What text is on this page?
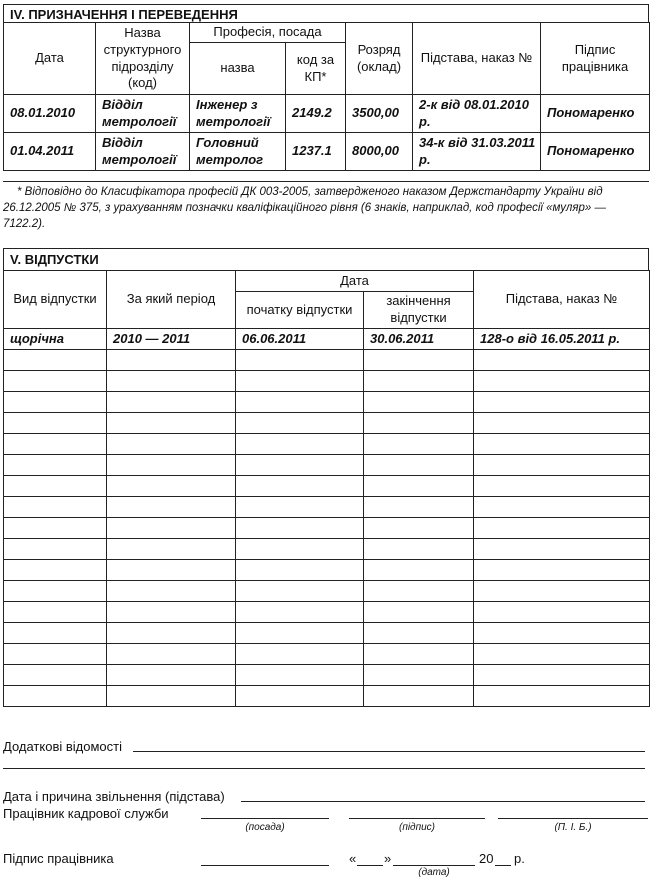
IV. ПРИЗНАЧЕННЯ І ПЕРЕВЕДЕННЯ
Дата	Назва структурного підрозділу (код)	Професія, посада		Розряд (оклад)	Підстава, наказ №	Підпис працівника
		назва	код за КП*			
08.01.2010	Відділ метрології	Інженер з метрології	2149.2	3500,00	2-к від 08.01.2010 р.	Пономаренко
01.04.2011	Відділ метрології	Головний метролог	1237.1	8000,00	34-к від 31.03.2011 р.	Пономаренко
* Відповідно до Класифікатора професій ДК 003-2005, затвердженого наказом Держстандарту України від 26.12.2005 № 375, з урахуванням позначки кваліфікаційного рівня (6 знаків, наприклад, код професії «муляр» — 7122.2).
V. ВІДПУСТКИ
Вид відпустки	За який період	Дата		Підстава, наказ №
		початку відпустки	закінчення відпустки	
щорічна	2010 — 2011	06.06.2011	30.06.2011	128-о від 16.05.2011 р.

Додаткові відомості
Дата і причина звільнення (підстава)
Працівник кадрової служби
(посада)	(підпис)	(П. І. Б.)
Підпис працівника	« »	20 р.
(дата)
